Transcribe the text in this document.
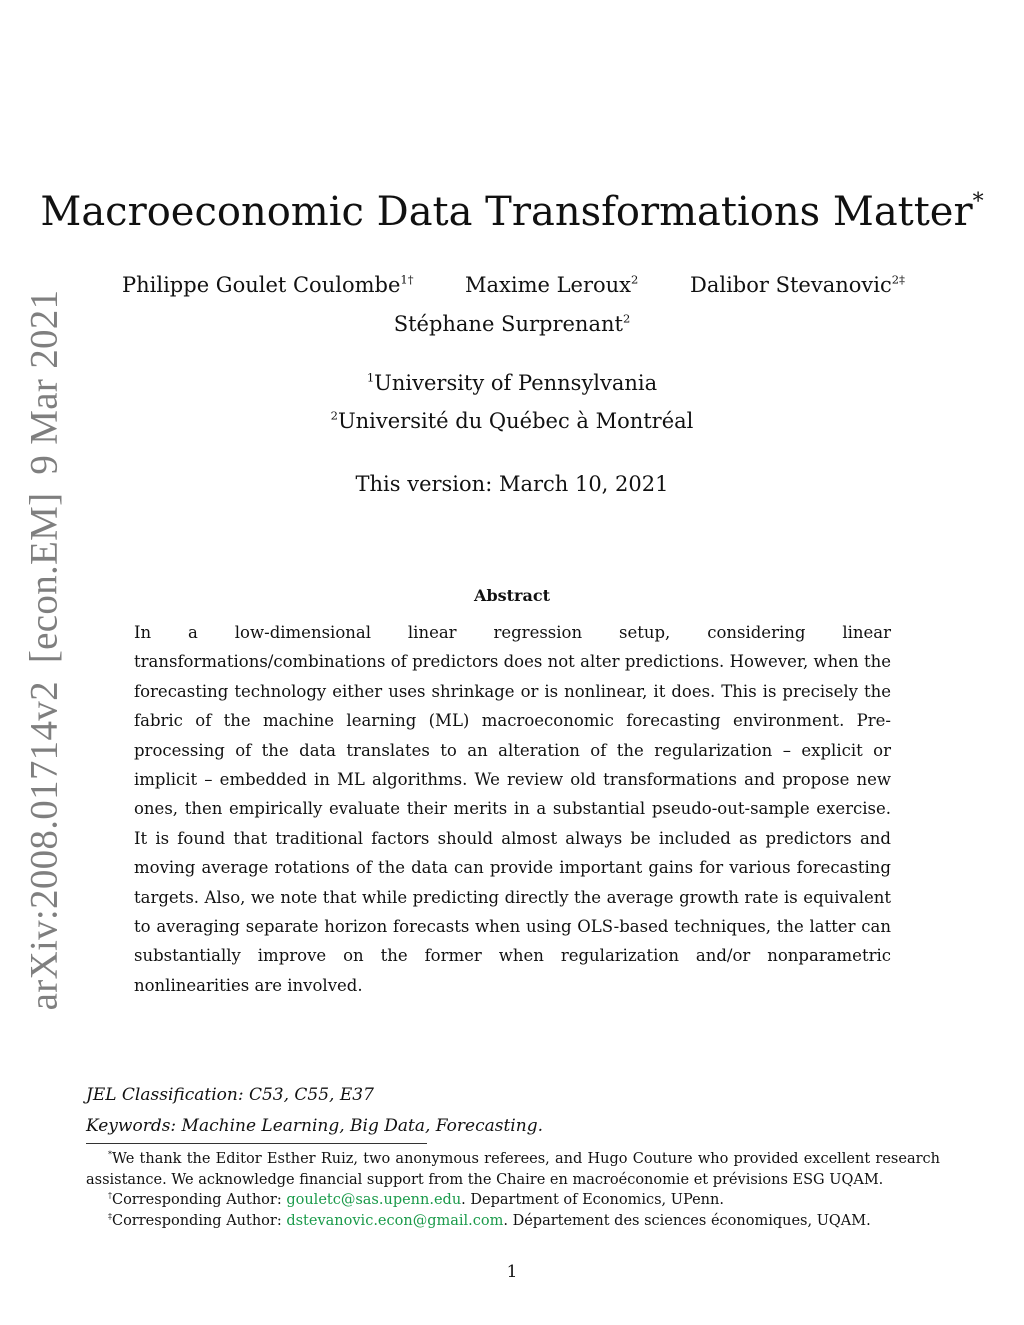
arXiv:2008.01714v2[econ.EM]9 Mar 2021
Macroeconomic Data Transformations Matter*
Philippe Goulet Coulombe$^{1\dagger}$ Maxime Leroux$^2$ Dalibor Stevanovic$^{2\ddagger}$
Stéphane Surprenant$^2$
$^1$University of Pennsylvania
$^2$Université du Québec à Montréal
This version: March 10, 2021
Abstract

In a low-dimensional linear regression setup, considering linear transformations/combinations of predictors does not alter predictions. However, when the forecasting technology either uses shrinkage or is nonlinear, it does. This is precisely the fabric of the machine learning (ML) macroeconomic forecasting environment. Pre-processing of the data translates to an alteration of the regularization – explicit or implicit – embedded in ML algorithms. We review old transformations and propose new ones, then empirically evaluate their merits in a substantial pseudo-out-sample exercise. It is found that traditional factors should almost always be included as predictors and moving average rotations of the data can provide important gains for various forecasting targets. Also, we note that while predicting directly the average growth rate is equivalent to averaging separate horizon forecasts when using OLS-based techniques, the latter can substantially improve on the former when regularization and/or nonparametric nonlinearities are involved.

JEL Classification: C53, C55, E37
Keywords: Machine Learning, Big Data, Forecasting.

*We thank the Editor Esther Ruiz, two anonymous referees, and Hugo Couture who provided excellent research assistance. We acknowledge financial support from the Chaire en macroéconomie et prévisions ESG UQAM.

†Corresponding Author: gouletc@sas.upenn.edu. Department of Economics, UPenn.

‡Corresponding Author: dstevanovic.econ@gmail.com. Département des sciences économiques, UQAM.

1
